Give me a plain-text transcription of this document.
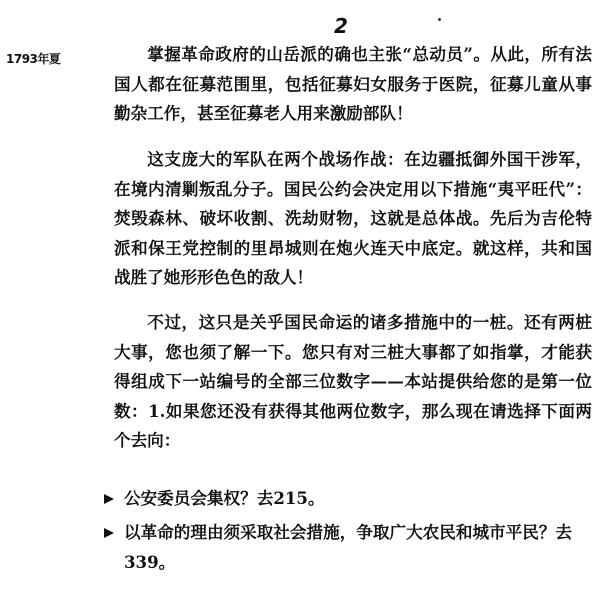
2
1793年夏	掌握革命政府的山岳派的确也主张“总动员”。从此，所有法国人都在征募范围里，包括征募妇女服务于医院，征募儿童从事勤杂工作，甚至征募老人用来激励部队！

这支庞大的军队在两个战场作战：在边疆抵御外国干涉军，在境内清剿叛乱分子。国民公约会决定用以下措施“夷平旺代”：焚毁森林、破坏收割、洗劫财物，这就是总体战。先后为吉伦特派和保王党控制的里昂城则在炮火连天中底定。就这样，共和国战胜了她形形色色的敌人！

不过，这只是关乎国民命运的诸多措施中的一桩。还有两桩大事，您也须了解一下。您只有对三桩大事都了如指掌，才能获得组成下一站编号的全部三位数字——本站提供给您的是第一位数：1.如果您还没有获得其他两位数字，那么现在请选择下面两个去向：

公安委员会集权？去215。
以革命的理由须采取社会措施，争取广大农民和城市平民？去339。
